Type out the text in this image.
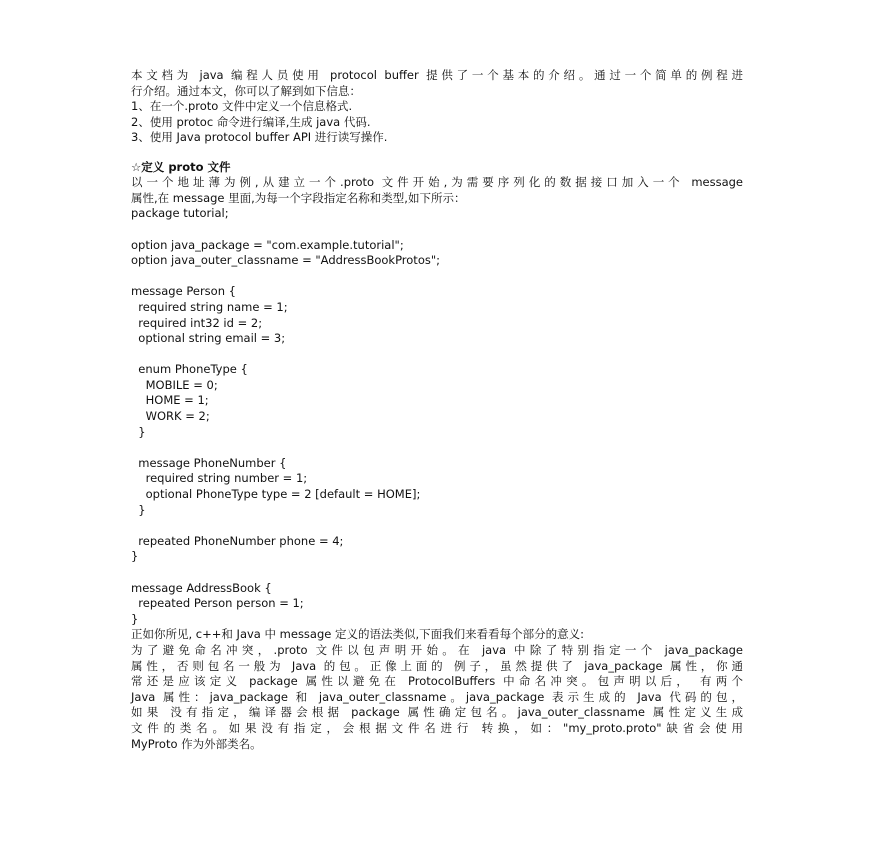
本文档为 java 编程人员使用 protocol buffer 提供了一个基本的介绍。通过一个简单的例程进
行介绍。通过本文，你可以了解到如下信息：
1、在一个.proto 文件中定义一个信息格式.
2、使用 protoc 命令进行编译,生成 java 代码.
3、使用 Java protocol buffer API 进行读写操作.
☆定义 proto 文件
以一个地址薄为例,从建立一个.proto 文件开始,为需要序列化的数据接口加入一个 message
属性,在 message 里面,为每一个字段指定名称和类型,如下所示：
package tutorial;
option java_package = "com.example.tutorial";
option java_outer_classname = "AddressBookProtos";
message Person {
required string name = 1;
required int32 id = 2;
optional string email = 3;
enum PhoneType {
MOBILE = 0;
HOME = 1;
WORK = 2;
}
message PhoneNumber {
required string number = 1;
optional PhoneType type = 2 [default = HOME];
}
repeated PhoneNumber phone = 4;
}
message AddressBook {
repeated Person person = 1;
}
正如你所见, c++和 Java 中 message 定义的语法类似,下面我们来看看每个部分的意义:
为了避免命名冲突，.proto 文件以包声明开始。在 java 中除了特别指定一个 java_package
属性，否则包名一般为 Java 的包。正像上面的 例子，虽然提供了 java_package 属性，你通
常还是应该定义 package 属性以避免在 ProtocolBuffers 中命名冲突。包声明以后， 有两个
Java 属性：java_package 和 java_outer_classname。java_package 表示生成的 Java 代码的包，
如果 没有指定，编译器会根据 package 属性确定包名。java_outer_classname 属性定义生成
文件的类名。如果没有指定，会根据文件名进行 转换，如："my_proto.proto"缺省会使用
MyProto 作为外部类名。
